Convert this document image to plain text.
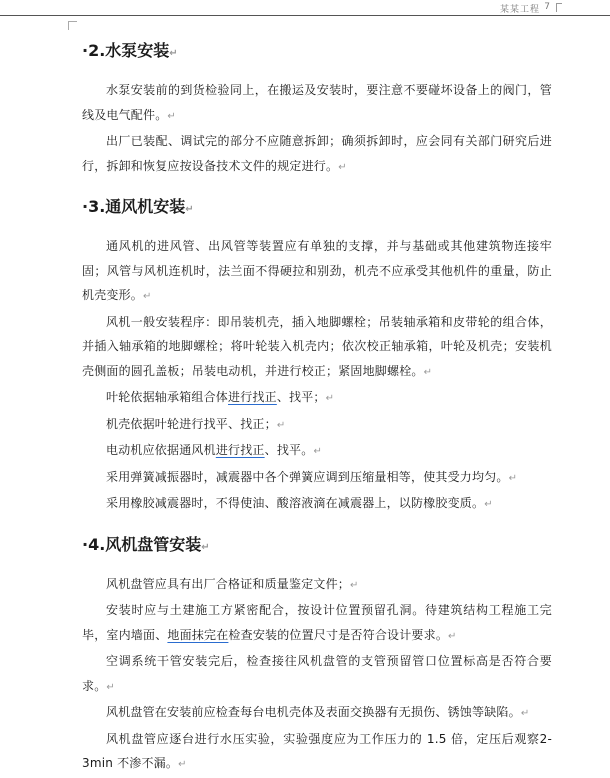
某某工程 7
·2.水泵安装↵

水泵安装前的到货检验同上，在搬运及安装时，要注意不要碰坏设备上的阀门，管线及电气配件。↵

出厂已装配、调试完的部分不应随意拆卸；确须拆卸时，应会同有关部门研究后进行，拆卸和恢复应按设备技术文件的规定进行。↵

·3.通风机安装↵

通风机的进风管、出风管等装置应有单独的支撑，并与基础或其他建筑物连接牢固；风管与风机连机时，法兰面不得硬拉和别劲，机壳不应承受其他机件的重量，防止机壳变形。↵

风机一般安装程序：即吊装机壳，插入地脚螺栓；吊装轴承箱和皮带轮的组合体，并插入轴承箱的地脚螺栓；将叶轮装入机壳内；依次校正轴承箱，叶轮及机壳；安装机壳侧面的圆孔盖板；吊装电动机，并进行校正；紧固地脚螺栓。↵

叶轮依据轴承箱组合体进行找正、找平；↵

机壳依据叶轮进行找平、找正；↵

电动机应依据通风机进行找正、找平。↵

采用弹簧减振器时，减震器中各个弹簧应调到压缩量相等，使其受力均匀。↵

采用橡胶减震器时，不得使油、酸溶液滴在减震器上，以防橡胶变质。↵

·4.风机盘管安装↵

风机盘管应具有出厂合格证和质量鉴定文件；↵

安装时应与土建施工方紧密配合，按设计位置预留孔洞。待建筑结构工程施工完毕，室内墙面、地面抹完在检查安装的位置尺寸是否符合设计要求。↵

空调系统干管安装完后，检查接往风机盘管的支管预留管口位置标高是否符合要求。↵

风机盘管在安装前应检查每台电机壳体及表面交换器有无损伤、锈蚀等缺陷。↵

风机盘管应逐台进行水压实验，实验强度应为工作压力的 1.5 倍，定压后观察2-3min 不渗不漏。↵
